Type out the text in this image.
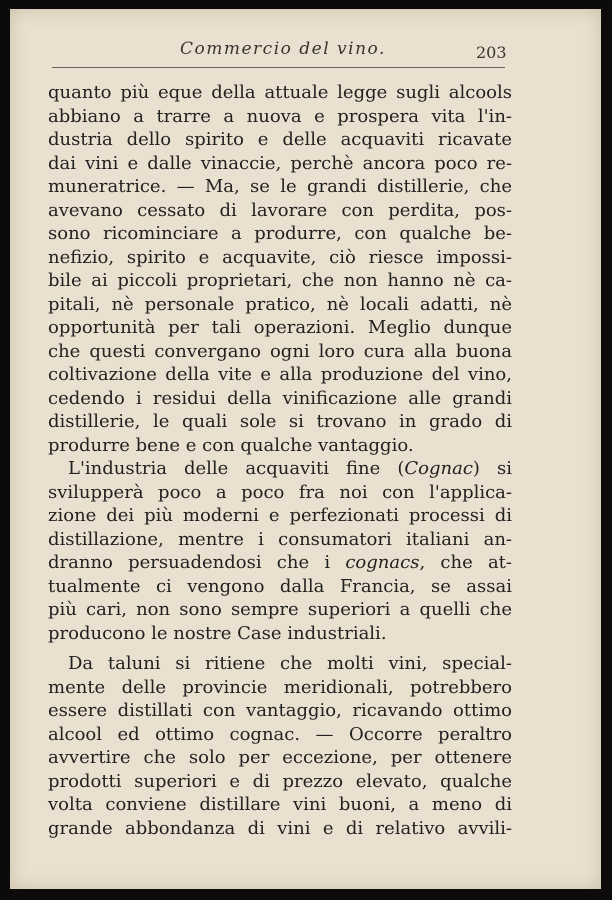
Commercio del vino.	203
quanto più eque della attuale legge sugli alcools
abbiano a trarre a nuova e prospera vita l'in-
dustria dello spirito e delle acquaviti ricavate
dai vini e dalle vinaccie, perchè ancora poco re-
muneratrice. — Ma, se le grandi distillerie, che
avevano cessato di lavorare con perdita, pos-
sono ricominciare a produrre, con qualche be-
nefizio, spirito e acquavite, ciò riesce impossi-
bile ai piccoli proprietari, che non hanno nè ca-
pitali, nè personale pratico, nè locali adatti, nè
opportunità per tali operazioni. Meglio dunque
che questi convergano ogni loro cura alla buona
coltivazione della vite e alla produzione del vino,
cedendo i residui della vinificazione alle grandi
distillerie, le quali sole si trovano in grado di
produrre bene e con qualche vantaggio.
L'industria delle acquaviti fine (Cognac) si
svilupperà poco a poco fra noi con l'applica-
zione dei più moderni e perfezionati processi di
distillazione, mentre i consumatori italiani an-
dranno persuadendosi che i cognacs, che at-
tualmente ci vengono dalla Francia, se assai
più cari, non sono sempre superiori a quelli che
producono le nostre Case industriali.
Da taluni si ritiene che molti vini, special-
mente delle provincie meridionali, potrebbero
essere distillati con vantaggio, ricavando ottimo
alcool ed ottimo cognac. — Occorre peraltro
avvertire che solo per eccezione, per ottenere
prodotti superiori e di prezzo elevato, qualche
volta conviene distillare vini buoni, a meno di
grande abbondanza di vini e di relativo avvili-
